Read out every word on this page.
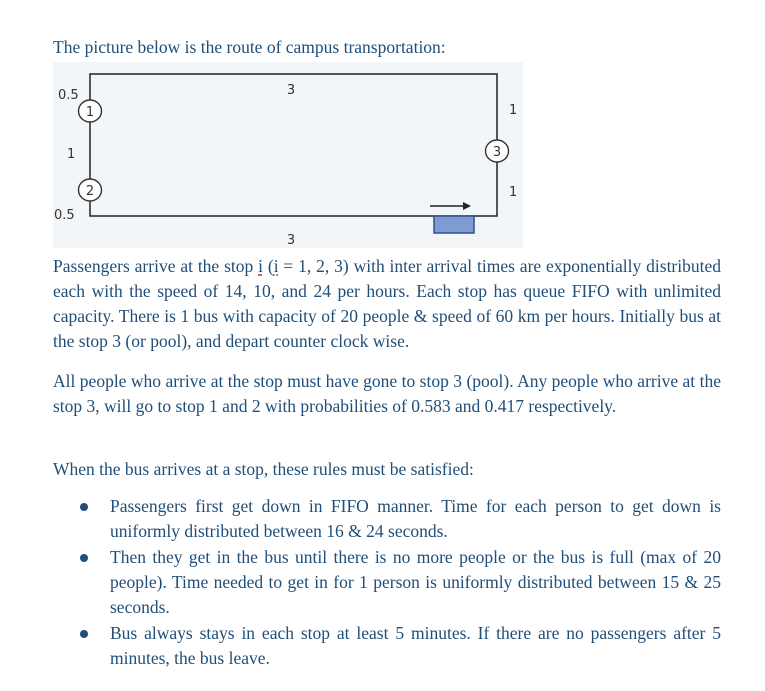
The picture below is the route of campus transportation:

3
3
0.5
1
0.5
1
1
1
2
3

Passengers arrive at the stop i (i = 1, 2, 3) with inter arrival times are exponentially distributed each with the speed of 14, 10, and 24 per hours. Each stop has queue FIFO with unlimited capacity. There is 1 bus with capacity of 20 people & speed of 60 km per hours. Initially bus at the stop 3 (or pool), and depart counter clock wise.

All people who arrive at the stop must have gone to stop 3 (pool). Any people who arrive at the stop 3, will go to stop 1 and 2 with probabilities of 0.583 and 0.417 respectively.

When the bus arrives at a stop, these rules must be satisfied:

Passengers first get down in FIFO manner. Time for each person to get down is uniformly distributed between 16 & 24 seconds.
Then they get in the bus until there is no more people or the bus is full (max of 20 people). Time needed to get in for 1 person is uniformly distributed between 15 & 25 seconds.
Bus always stays in each stop at least 5 minutes. If there are no passengers after 5 minutes, the bus leave.
